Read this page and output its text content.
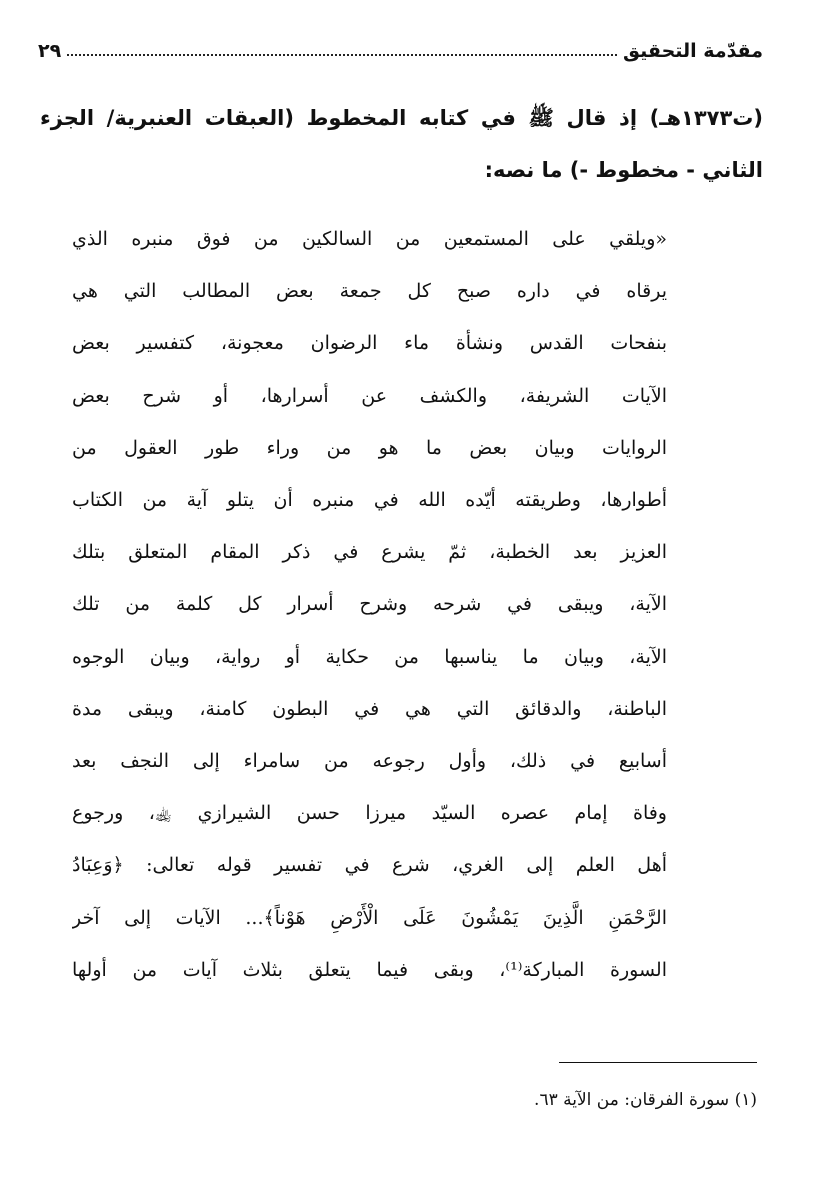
مقدّمة التحقيق
٢٩
(ت١٣٧٣هـ) إذ قال ﷺ في كتابه المخطوط (العبقات العنبرية/ الجزء
الثاني - مخطوط -) ما نصه:
«ويلقي على المستمعين من السالكين من فوق منبره الذي
يرقاه في داره صبح كل جمعة بعض المطالب التي هي
بنفحات القدس ونشأة ماء الرضوان معجونة، كتفسير بعض
الآيات الشريفة، والكشف عن أسرارها، أو شرح بعض
الروايات وبيان بعض ما هو من وراء طور العقول من
أطوارها، وطريقته أيّده الله في منبره أن يتلو آية من الكتاب
العزيز بعد الخطبة، ثمّ يشرع في ذكر المقام المتعلق بتلك
الآية، ويبقى في شرحه وشرح أسرار كل كلمة من تلك
الآية، وبيان ما يناسبها من حكاية أو رواية، وبيان الوجوه
الباطنة، والدقائق التي هي في البطون كامنة، ويبقى مدة
أسابيع في ذلك، وأول رجوعه من سامراء إلى النجف بعد
وفاة إمام عصره السيّد ميرزا حسن الشيرازي ﵀، ورجوع
أهل العلم إلى الغري، شرع في تفسير قوله تعالى: ﴿وَعِبَادُ
الرَّحْمَنِ الَّذِينَ يَمْشُونَ عَلَى الْأَرْضِ هَوْناً﴾... الآيات إلى آخر
السورة المباركة⁽¹⁾، وبقى فيما يتعلق بثلاث آيات من أولها
(١) سورة الفرقان: من الآية ٦٣.
